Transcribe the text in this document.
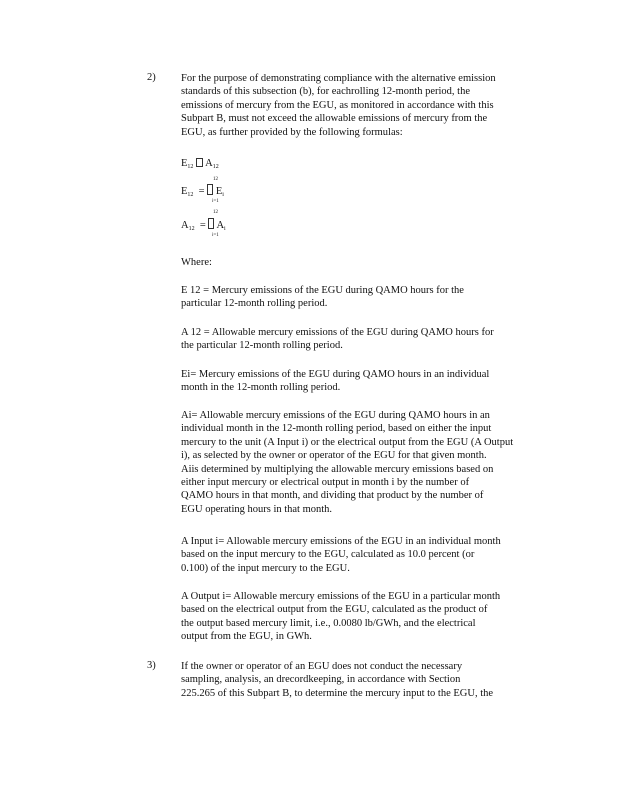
2) For the purpose of demonstrating compliance with the alternative emission
standards of this subsection (b), for eachrolling 12-month period, the
emissions of mercury from the EGU, as monitored in accordance with this
Subpart B, must not exceed the allowable emissions of mercury from the
EGU, as further provided by the following formulas:
$E_{12}$ $A_{12}$
12
$E_{12} = E_i$
i=1
12
$A_{12} = A_i$
i=1
Where:
E 12 = Mercury emissions of the EGU during QAMO hours for the
particular 12-month rolling period.
A 12 = Allowable mercury emissions of the EGU during QAMO hours for
the particular 12-month rolling period.
Ei= Mercury emissions of the EGU during QAMO hours in an individual
month in the 12-month rolling period.
Ai= Allowable mercury emissions of the EGU during QAMO hours in an
individual month in the 12-month rolling period, based on either the input
mercury to the unit (A Input i) or the electrical output from the EGU (A Output
i), as selected by the owner or operator of the EGU for that given month.
Aiis determined by multiplying the allowable mercury emissions based on
either input mercury or electrical output in month i by the number of
QAMO hours in that month, and dividing that product by the number of
EGU operating hours in that month.
A Input i= Allowable mercury emissions of the EGU in an individual month
based on the input mercury to the EGU, calculated as 10.0 percent (or
0.100) of the input mercury to the EGU.
A Output i= Allowable mercury emissions of the EGU in a particular month
based on the electrical output from the EGU, calculated as the product of
the output based mercury limit, i.e., 0.0080 lb/GWh, and the electrical
output from the EGU, in GWh.
3) If the owner or operator of an EGU does not conduct the necessary
sampling, analysis, an drecordkeeping, in accordance with Section
225.265 of this Subpart B, to determine the mercury input to the EGU, the
